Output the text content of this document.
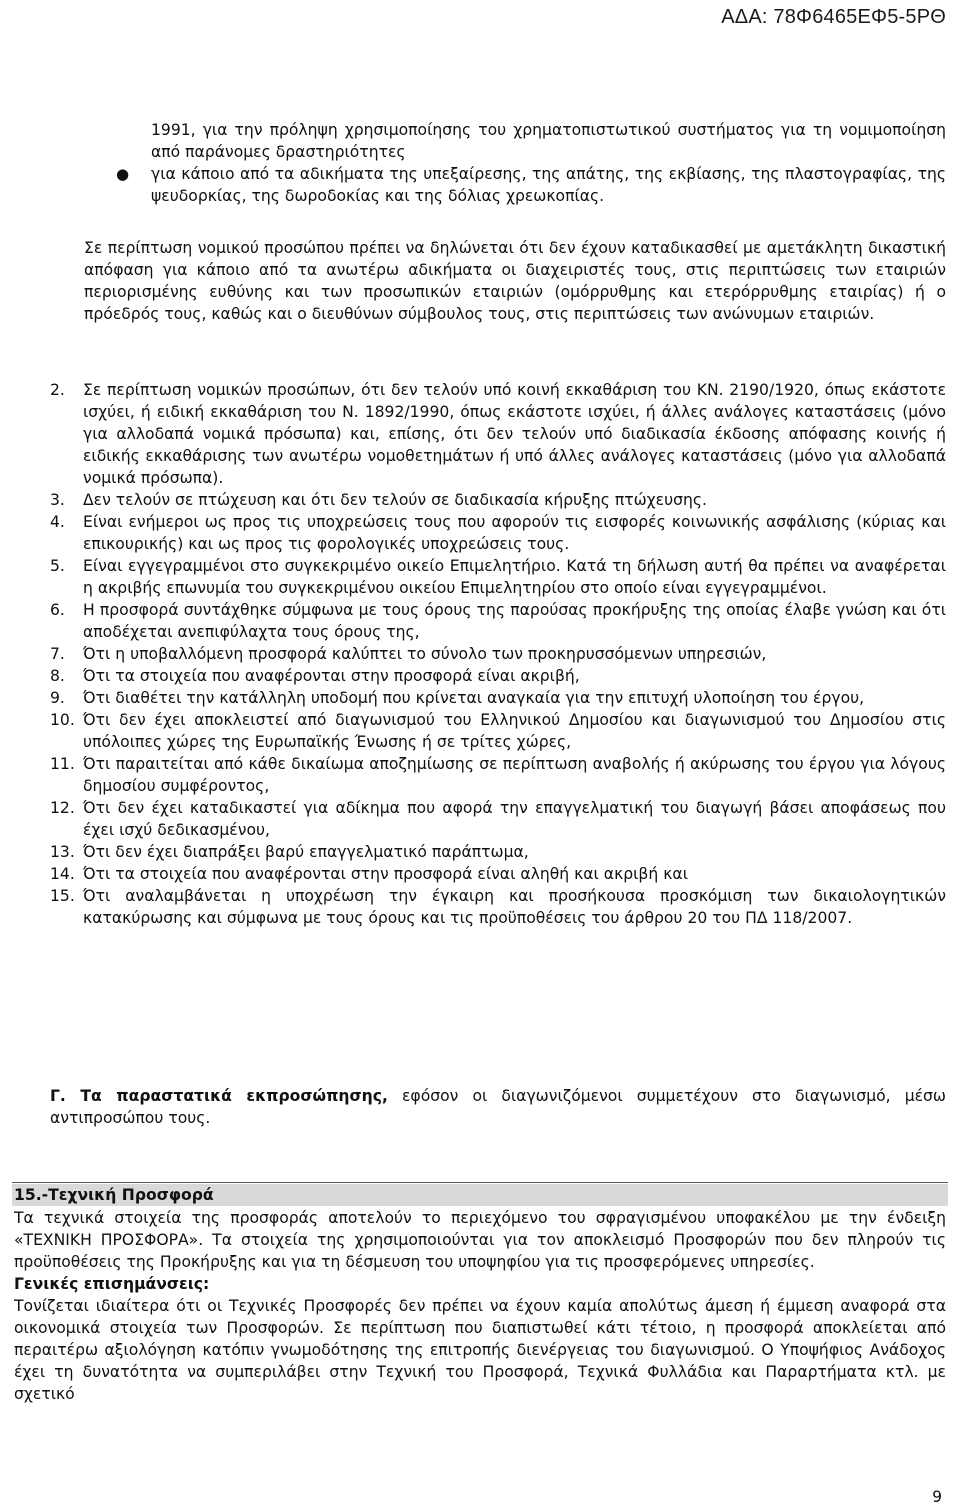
ΑΔΑ: 78Φ6465ΕΦ5-5ΡΘ
1991, για την πρόληψη χρησιμοποίησης του χρηματοπιστωτικού συστήματος για τη νομιμοποίηση από παράνομες δραστηριότητες
● για κάποιο από τα αδικήματα της υπεξαίρεσης, της απάτης, της εκβίασης, της πλαστογραφίας, της ψευδορκίας, της δωροδοκίας και της δόλιας χρεωκοπίας.
Σε περίπτωση νομικού προσώπου πρέπει να δηλώνεται ότι δεν έχουν καταδικασθεί με αμετάκλητη δικαστική απόφαση για κάποιο από τα ανωτέρω αδικήματα οι διαχειριστές τους, στις περιπτώσεις των εταιριών περιορισμένης ευθύνης και των προσωπικών εταιριών (ομόρρυθμης και ετερόρρυθμης εταιρίας) ή ο πρόεδρός τους, καθώς και ο διευθύνων σύμβουλος τους, στις περιπτώσεις των ανώνυμων εταιριών.
2. Σε περίπτωση νομικών προσώπων, ότι δεν τελούν υπό κοινή εκκαθάριση του ΚΝ. 2190/1920, όπως εκάστοτε ισχύει, ή ειδική εκκαθάριση του Ν. 1892/1990, όπως εκάστοτε ισχύει, ή άλλες ανάλογες καταστάσεις (μόνο για αλλοδαπά νομικά πρόσωπα) και, επίσης, ότι δεν τελούν υπό διαδικασία έκδοσης απόφασης κοινής ή ειδικής εκκαθάρισης των ανωτέρω νομοθετημάτων ή υπό άλλες ανάλογες καταστάσεις (μόνο για αλλοδαπά νομικά πρόσωπα).
3. Δεν τελούν σε πτώχευση και ότι δεν τελούν σε διαδικασία κήρυξης πτώχευσης.
4. Είναι ενήμεροι ως προς τις υποχρεώσεις τους που αφορούν τις εισφορές κοινωνικής ασφάλισης (κύριας και επικουρικής) και ως προς τις φορολογικές υποχρεώσεις τους.
5. Είναι εγγεγραμμένοι στο συγκεκριμένο οικείο Επιμελητήριο. Κατά τη δήλωση αυτή θα πρέπει να αναφέρεται η ακριβής επωνυμία του συγκεκριμένου οικείου Επιμελητηρίου στο οποίο είναι εγγεγραμμένοι.
6. Η προσφορά συντάχθηκε σύμφωνα με τους όρους της παρούσας προκήρυξης της οποίας έλαβε γνώση και ότι αποδέχεται ανεπιφύλαχτα τους όρους της,
7. Ότι η υποβαλλόμενη προσφορά καλύπτει το σύνολο των προκηρυσσόμενων υπηρεσιών,
8. Ότι τα στοιχεία που αναφέρονται στην προσφορά είναι ακριβή,
9. Ότι διαθέτει την κατάλληλη υποδομή που κρίνεται αναγκαία για την επιτυχή υλοποίηση του έργου,
10. Ότι δεν έχει αποκλειστεί από διαγωνισμού του Ελληνικού Δημοσίου και διαγωνισμού του Δημοσίου στις υπόλοιπες χώρες της Ευρωπαϊκής Ένωσης ή σε τρίτες χώρες,
11. Ότι παραιτείται από κάθε δικαίωμα αποζημίωσης σε περίπτωση αναβολής ή ακύρωσης του έργου για λόγους δημοσίου συμφέροντος,
12. Ότι δεν έχει καταδικαστεί για αδίκημα που αφορά την επαγγελματική του διαγωγή βάσει αποφάσεως που έχει ισχύ δεδικασμένου,
13. Ότι δεν έχει διαπράξει βαρύ επαγγελματικό παράπτωμα,
14. Ότι τα στοιχεία που αναφέρονται στην προσφορά είναι αληθή και ακριβή και
15. Ότι αναλαμβάνεται η υποχρέωση την έγκαιρη και προσήκουσα προσκόμιση των δικαιολογητικών κατακύρωσης και σύμφωνα με τους όρους και τις προϋποθέσεις του άρθρου 20 του ΠΔ 118/2007.
Γ. Τα παραστατικά εκπροσώπησης, εφόσον οι διαγωνιζόμενοι συμμετέχουν στο διαγωνισμό, μέσω αντιπροσώπου τους.
15.-Τεχνική Προσφορά
Τα τεχνικά στοιχεία της προσφοράς αποτελούν το περιεχόμενο του σφραγισμένου υποφακέλου με την ένδειξη «ΤΕΧΝΙΚΗ ΠΡΟΣΦΟΡΑ». Τα στοιχεία της χρησιμοποιούνται για τον αποκλεισμό Προσφορών που δεν πληρούν τις προϋποθέσεις της Προκήρυξης και για τη δέσμευση του υποψηφίου για τις προσφερόμενες υπηρεσίες.
Γενικές επισημάνσεις:
Τονίζεται ιδιαίτερα ότι οι Τεχνικές Προσφορές δεν πρέπει να έχουν καμία απολύτως άμεση ή έμμεση αναφορά στα οικονομικά στοιχεία των Προσφορών. Σε περίπτωση που διαπιστωθεί κάτι τέτοιο, η προσφορά αποκλείεται από περαιτέρω αξιολόγηση κατόπιν γνωμοδότησης της επιτροπής διενέργειας του διαγωνισμού. Ο Υποψήφιος Ανάδοχος έχει τη δυνατότητα να συμπεριλάβει στην Τεχνική του Προσφορά, Τεχνικά Φυλλάδια και Παραρτήματα κτλ. με σχετικό
9
